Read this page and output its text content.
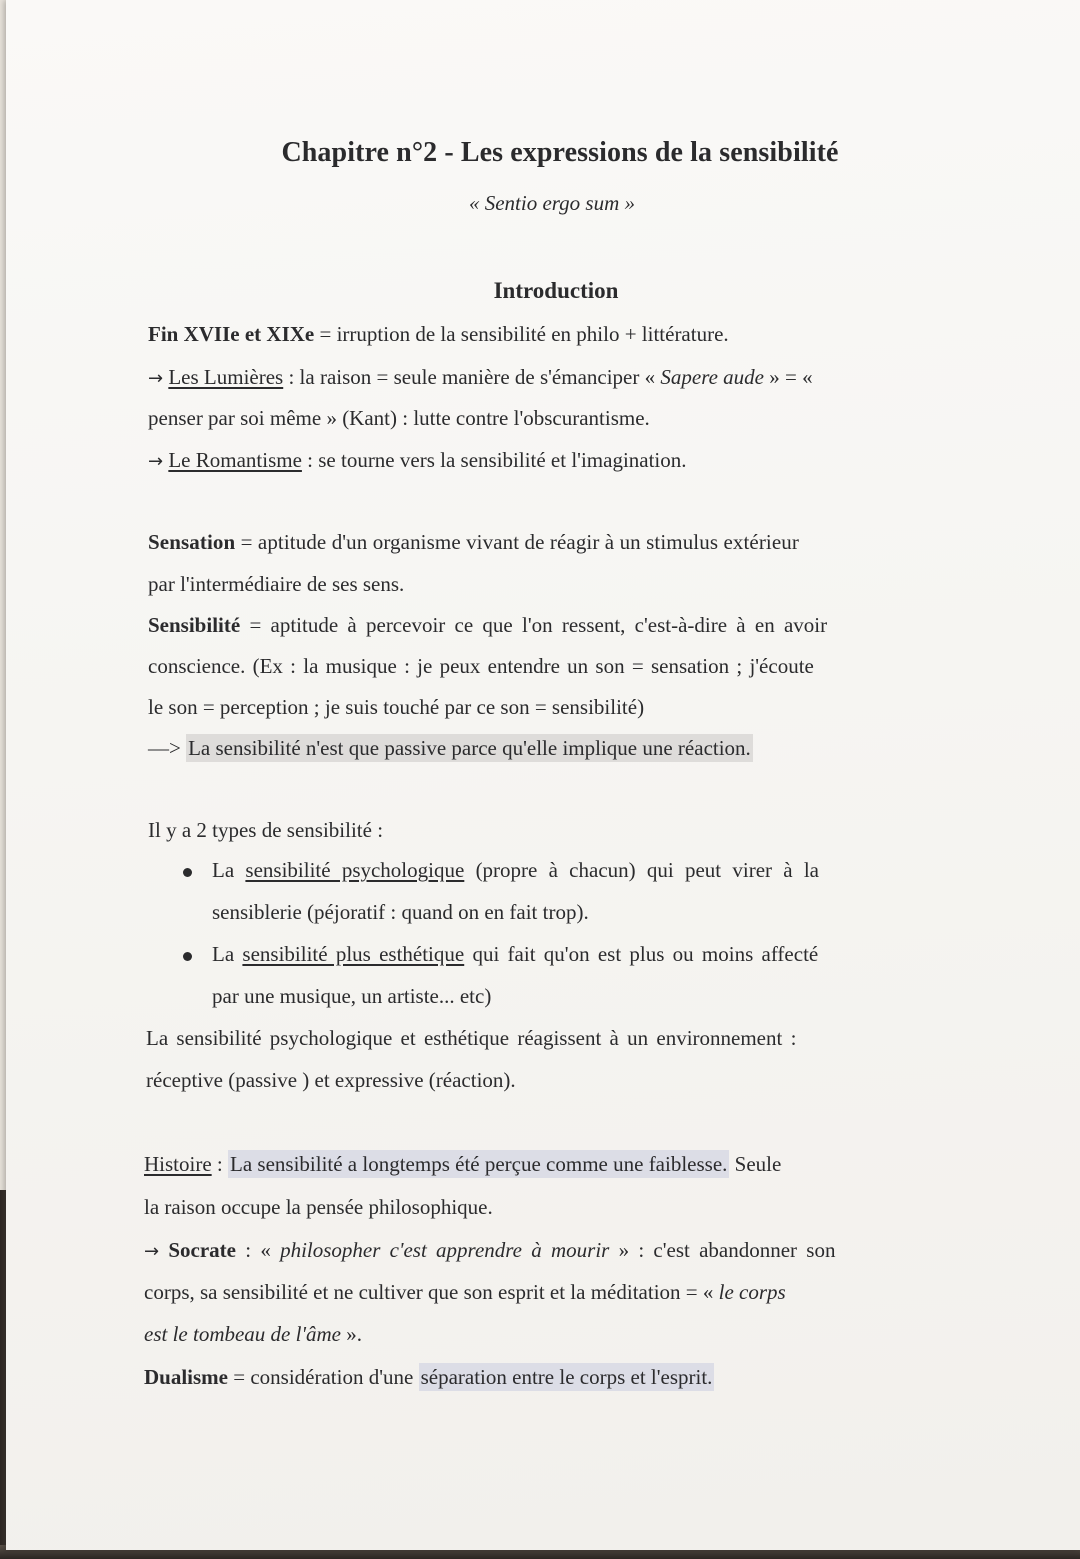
Chapitre n°2 - Les expressions de la sensibilité
« Sentio ergo sum »
Introduction
Fin XVIIe et XIXe = irruption de la sensibilité en philo + littérature.
→ Les Lumières : la raison = seule manière de s'émanciper « Sapere aude » = «
penser par soi même » (Kant) : lutte contre l'obscurantisme.
→ Le Romantisme : se tourne vers la sensibilité et l'imagination.
Sensation = aptitude d'un organisme vivant de réagir à un stimulus extérieur
par l'intermédiaire de ses sens.
Sensibilité = aptitude à percevoir ce que l'on ressent, c'est-à-dire à en avoir
conscience. (Ex : la musique : je peux entendre un son = sensation ; j'écoute
le son = perception ; je suis touché par ce son = sensibilité)
—> La sensibilité n'est que passive parce qu'elle implique une réaction.
Il y a 2 types de sensibilité :
La sensibilité psychologique (propre à chacun) qui peut virer à la
sensiblerie (péjoratif : quand on en fait trop).
La sensibilité plus esthétique qui fait qu'on est plus ou moins affecté
par une musique, un artiste... etc)
La sensibilité psychologique et esthétique réagissent à un environnement :
réceptive (passive ) et expressive (réaction).
Histoire : La sensibilité a longtemps été perçue comme une faiblesse. Seule
la raison occupe la pensée philosophique.
→ Socrate : « philosopher c'est apprendre à mourir » : c'est abandonner son
corps, sa sensibilité et ne cultiver que son esprit et la méditation = « le corps
est le tombeau de l'âme ».
Dualisme = considération d'une séparation entre le corps et l'esprit.
